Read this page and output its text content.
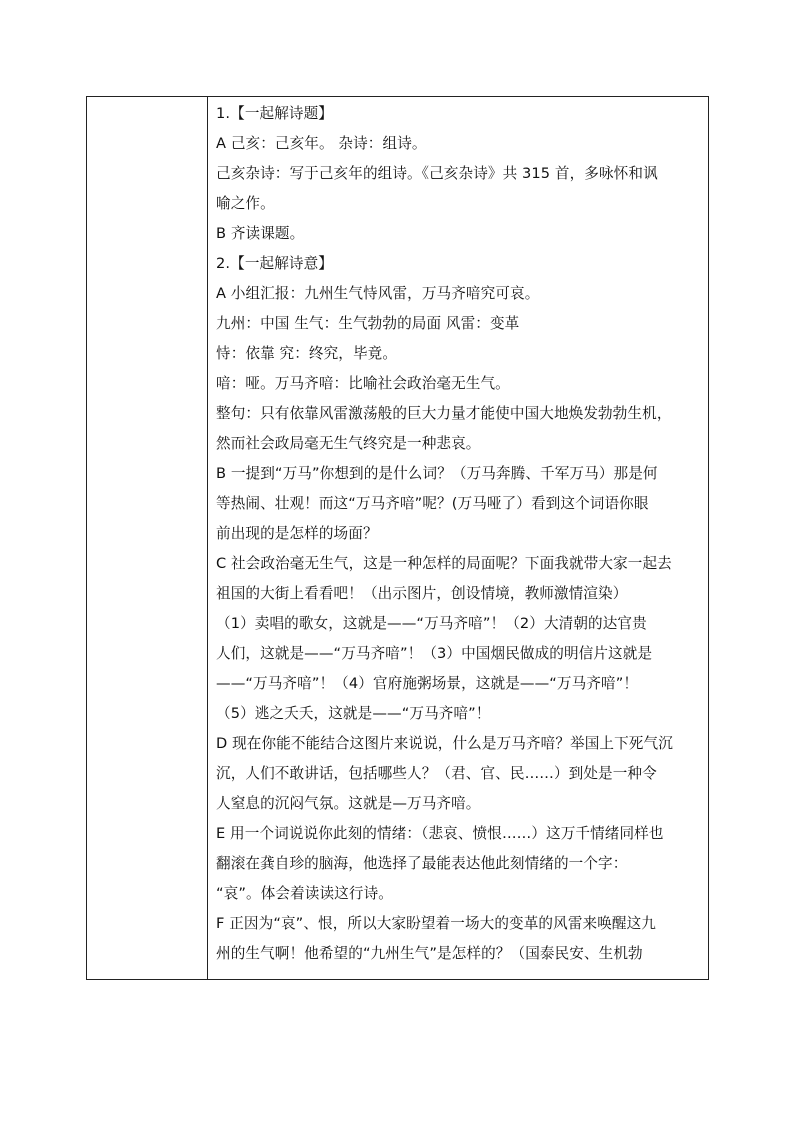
1.【一起解诗题】
A 己亥：己亥年。 杂诗：组诗。
己亥杂诗：写于己亥年的组诗。《己亥杂诗》共 315 首，多咏怀和讽
喻之作。
B 齐读课题。
2.【一起解诗意】
A 小组汇报：九州生气恃风雷，万马齐喑究可哀。
九州：中国 生气：生气勃勃的局面 风雷：变革
恃：依靠 究：终究，毕竟。
喑：哑。万马齐喑：比喻社会政治毫无生气。
整句：只有依靠风雷激荡般的巨大力量才能使中国大地焕发勃勃生机，
然而社会政局毫无生气终究是一种悲哀。
B 一提到“万马”你想到的是什么词？（万马奔腾、千军万马）那是何
等热闹、壮观！而这“万马齐喑”呢？(万马哑了）看到这个词语你眼
前出现的是怎样的场面？
C 社会政治毫无生气，这是一种怎样的局面呢？下面我就带大家一起去
祖国的大街上看看吧！（出示图片，创设情境，教师激情渲染）
（1）卖唱的歌女，这就是——“万马齐喑”！（2）大清朝的达官贵
人们，这就是——“万马齐喑”！（3）中国烟民做成的明信片这就是
——“万马齐喑”！（4）官府施粥场景，这就是——“万马齐喑”！
（5）逃之夭夭，这就是——“万马齐喑”！
D 现在你能不能结合这图片来说说，什么是万马齐喑？举国上下死气沉
沉，人们不敢讲话，包括哪些人？（君、官、民……）到处是一种令
人窒息的沉闷气氛。这就是—万马齐喑。
E 用一个词说说你此刻的情绪：（悲哀、愤恨……）这万千情绪同样也
翻滚在龚自珍的脑海，他选择了最能表达他此刻情绪的一个字：
“哀”。体会着读读这行诗。
F 正因为“哀”、恨，所以大家盼望着一场大的变革的风雷来唤醒这九
州的生气啊！他希望的“九州生气”是怎样的？（国泰民安、生机勃
